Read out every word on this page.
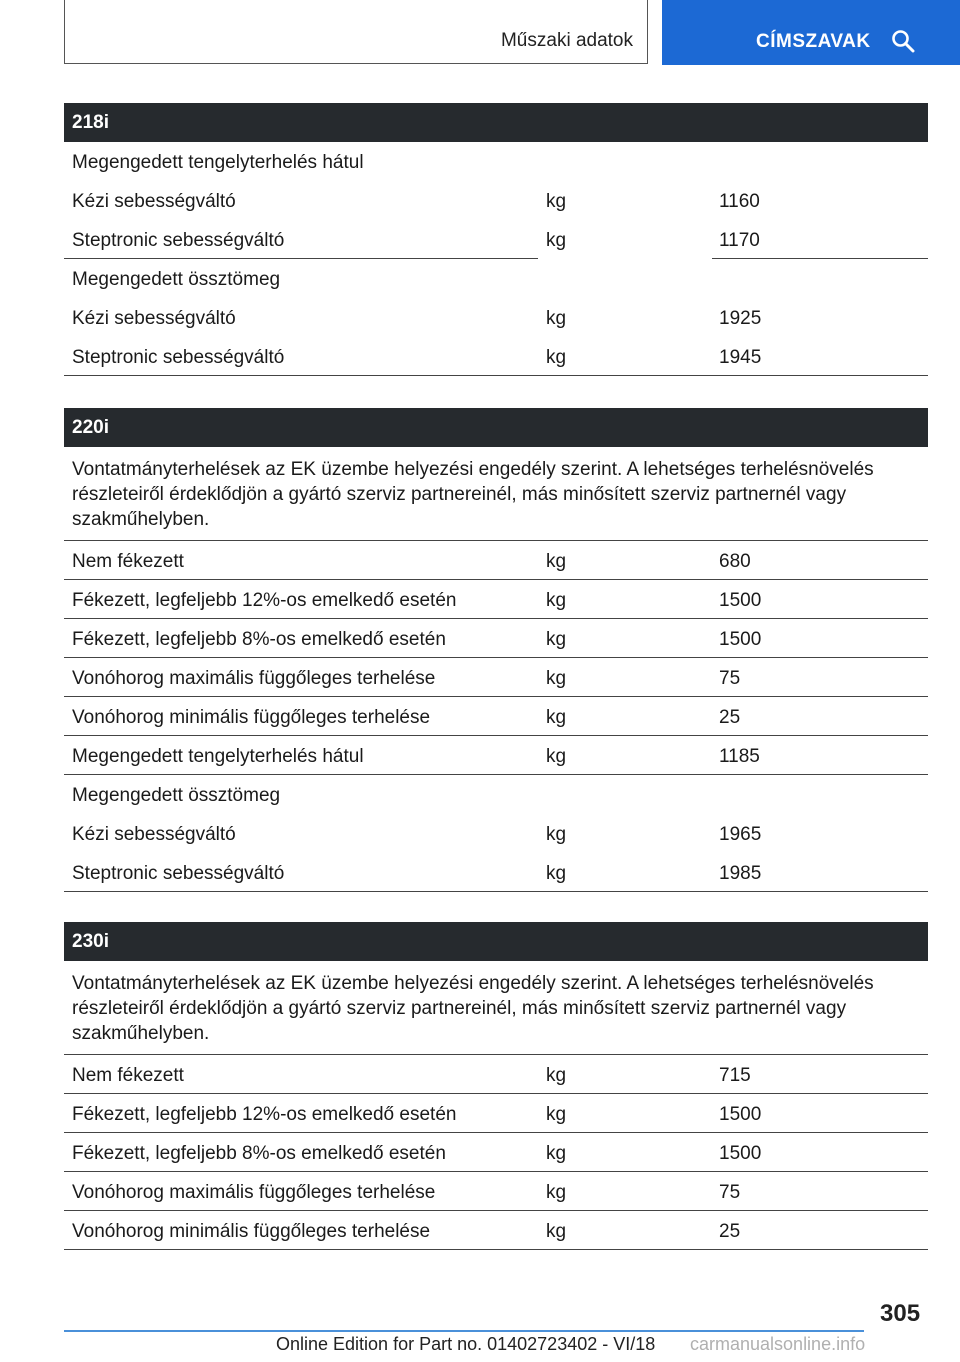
Műszaki adatok	CÍMSZAVAK
218i
Megengedett tengelyterhelés hátul
Kézi sebességváltó	kg	1160
Steptronic sebességváltó	kg	1170
Megengedett össztömeg
Kézi sebességváltó	kg	1925
Steptronic sebességváltó	kg	1945
220i
Vontatmányterhelések az EK üzembe helyezési engedély szerint. A lehetséges terhelésnövelés részleteiről érdeklődjön a gyártó szerviz partnereinél, más minősített szerviz partnernél vagy szakműhelyben.
Nem fékezett	kg	680
Fékezett, legfeljebb 12%-os emelkedő esetén	kg	1500
Fékezett, legfeljebb 8%-os emelkedő esetén	kg	1500
Vonóhorog maximális függőleges terhelése	kg	75
Vonóhorog minimális függőleges terhelése	kg	25
Megengedett tengelyterhelés hátul	kg	1185
Megengedett össztömeg
Kézi sebességváltó	kg	1965
Steptronic sebességváltó	kg	1985
230i
Vontatmányterhelések az EK üzembe helyezési engedély szerint. A lehetséges terhelésnövelés részleteiről érdeklődjön a gyártó szerviz partnereinél, más minősített szerviz partnernél vagy szakműhelyben.
Nem fékezett	kg	715
Fékezett, legfeljebb 12%-os emelkedő esetén	kg	1500
Fékezett, legfeljebb 8%-os emelkedő esetén	kg	1500
Vonóhorog maximális függőleges terhelése	kg	75
Vonóhorog minimális függőleges terhelése	kg	25
305
Online Edition for Part no. 01402723402 - VI/18 carmanualsonline.info
